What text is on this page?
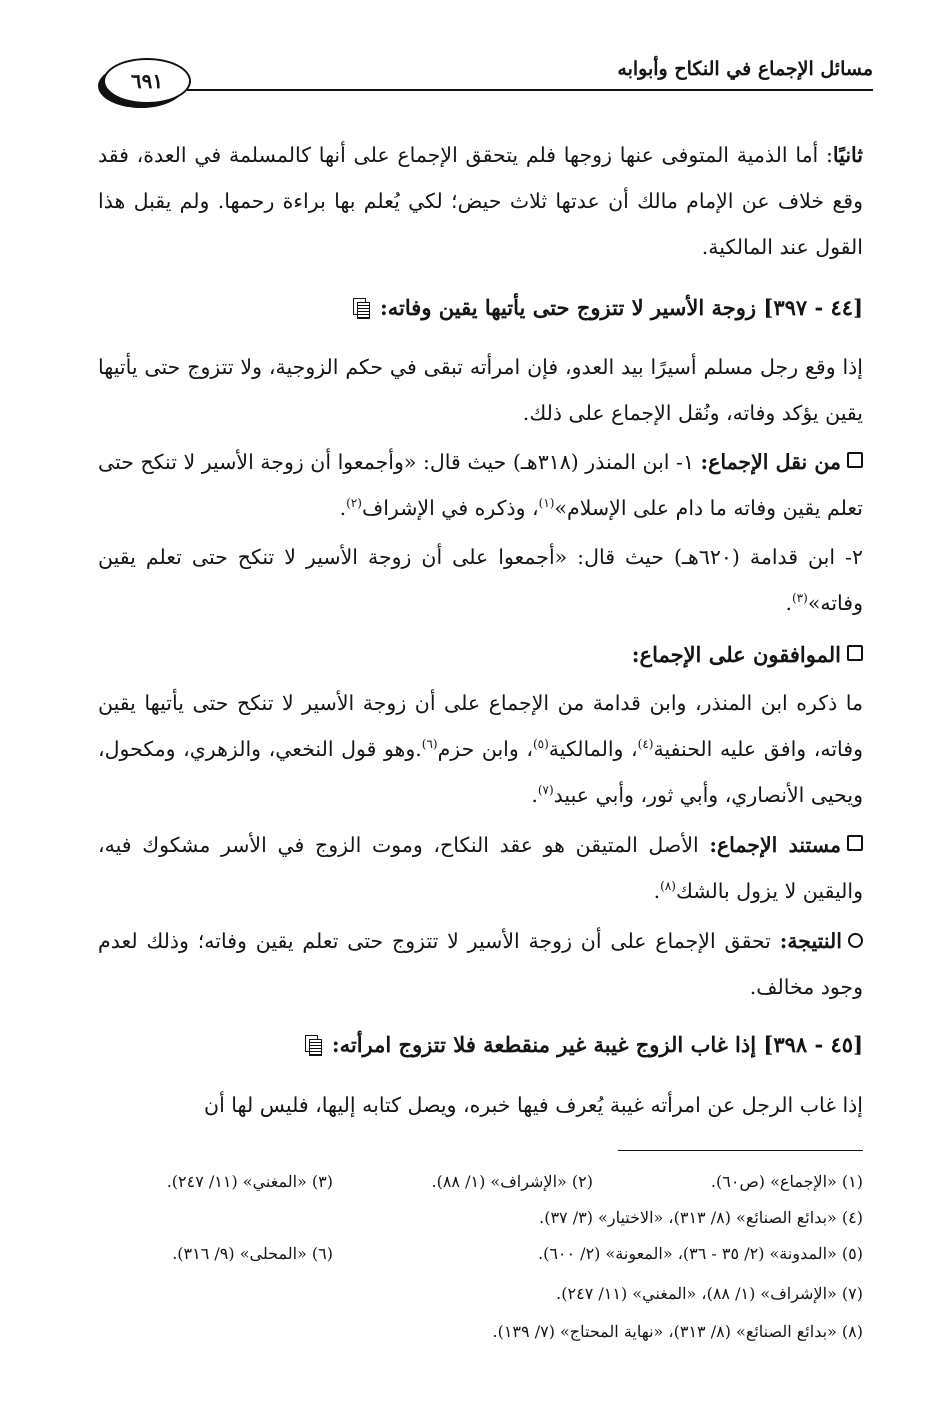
٦٩١	مسائل الإجماع في النكاح وأبوابه
ثانيًا: أما الذمية المتوفى عنها زوجها فلم يتحقق الإجماع على أنها كالمسلمة في العدة، فقد وقع خلاف عن الإمام مالك أن عدتها ثلاث حيض؛ لكي يُعلم بها براءة رحمها. ولم يقبل هذا القول عند المالكية.
[٤٤ - ٣٩٧] زوجة الأسير لا تتزوج حتى يأتيها يقين وفاته:
إذا وقع رجل مسلم أسيرًا بيد العدو، فإن امرأته تبقى في حكم الزوجية، ولا تتزوج حتى يأتيها يقين يؤكد وفاته، ونُقل الإجماع على ذلك.
من نقل الإجماع: ١- ابن المنذر (٣١٨هـ) حيث قال: «وأجمعوا أن زوجة الأسير لا تنكح حتى تعلم يقين وفاته ما دام على الإسلام»$^{(١)}$، وذكره في الإشراف$^{(٢)}$.
٢- ابن قدامة (٦٢٠هـ) حيث قال: «أجمعوا على أن زوجة الأسير لا تنكح حتى تعلم يقين وفاته»$^{(٣)}$.
الموافقون على الإجماع:
ما ذكره ابن المنذر، وابن قدامة من الإجماع على أن زوجة الأسير لا تنكح حتى يأتيها يقين وفاته، وافق عليه الحنفية$^{(٤)}$، والمالكية$^{(٥)}$، وابن حزم$^{(٦)}$.وهو قول النخعي، والزهري، ومكحول، ويحيى الأنصاري، وأبي ثور، وأبي عبيد$^{(٧)}$.
مستند الإجماع: الأصل المتيقن هو عقد النكاح، وموت الزوج في الأسر مشكوك فيه، واليقين لا يزول بالشك$^{(٨)}$.
النتيجة: تحقق الإجماع على أن زوجة الأسير لا تتزوج حتى تعلم يقين وفاته؛ وذلك لعدم وجود مخالف.
[٤٥ - ٣٩٨] إذا غاب الزوج غيبة غير منقطعة فلا تتزوج امرأته:
إذا غاب الرجل عن امرأته غيبة يُعرف فيها خبره، ويصل كتابه إليها، فليس لها أن
(١) «الإجماع» (ص٦٠).
(٢) «الإشراف» (١/ ٨٨).
(٣) «المغني» (١١/ ٢٤٧).
(٤) «بدائع الصنائع» (٨/ ٣١٣)، «الاختيار» (٣/ ٣٧).
(٥) «المدونة» (٢/ ٣٥ - ٣٦)، «المعونة» (٢/ ٦٠٠).
(٦) «المحلى» (٩/ ٣١٦).
(٧) «الإشراف» (١/ ٨٨)، «المغني» (١١/ ٢٤٧).
(٨) «بدائع الصنائع» (٨/ ٣١٣)، «نهاية المحتاج» (٧/ ١٣٩).
